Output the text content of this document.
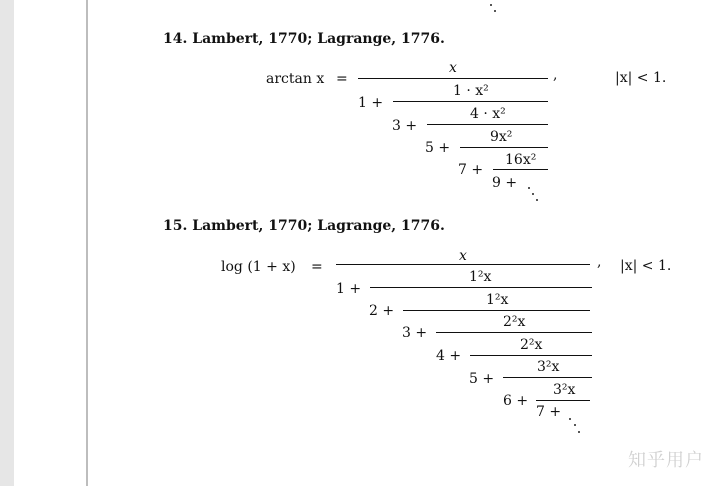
14. Lambert, 1770; Lagrange, 1776.
arctan x =
x	,	|x| < 1.
1 +
1 · x²
3 +
4 · x²
5 +
9x²
7 +
16x²
9 +
15. Lambert, 1770; Lagrange, 1776.
log (1 + x) =
x	, |x| < 1.
1 +
1²x
2 +
1²x
3 +
2²x
4 +
2²x
5 +
3²x
6 +
3²x
7 +
知乎用户
